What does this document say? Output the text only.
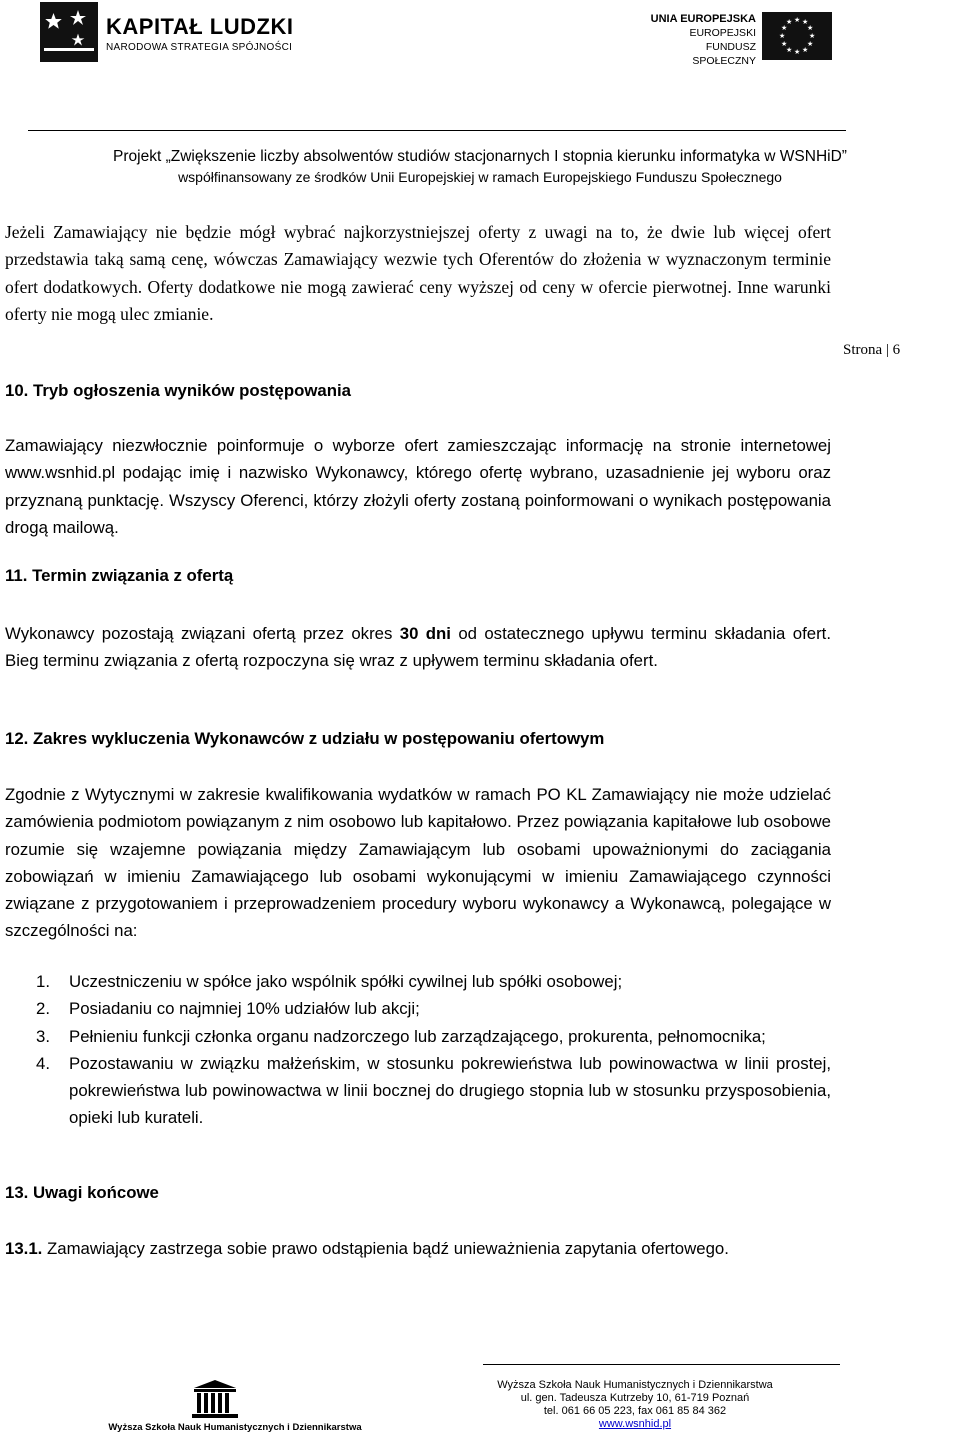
KAPITAŁ LUDZKI
NARODOWA STRATEGIA SPÓJNOŚCI
UNIA EUROPEJSKA
EUROPEJSKI
FUNDUSZ SPOŁECZNY
★ ★
★
★
★
★
★
★
★
★
★
★
Projekt „Zwiększenie liczby absolwentów studiów stacjonarnych I stopnia kierunku informatyka w WSNHiD”
współfinansowany ze środków Unii Europejskiej w ramach Europejskiego Funduszu Społecznego
Jeżeli Zamawiający nie będzie mógł wybrać najkorzystniejszej oferty z uwagi na to, że dwie lub więcej ofert przedstawia taką samą cenę, wówczas Zamawiający wezwie tych Oferentów do złożenia w wyznaczonym terminie ofert dodatkowych. Oferty dodatkowe nie mogą zawierać ceny wyższej od ceny w ofercie pierwotnej. Inne warunki oferty nie mogą ulec zmianie.
Strona | 6
10. Tryb ogłoszenia wyników postępowania
Zamawiający niezwłocznie poinformuje o wyborze ofert zamieszczając informację na stronie internetowej www.wsnhid.pl podając imię i nazwisko Wykonawcy, którego ofertę wybrano, uzasadnienie jej wyboru oraz przyznaną punktację. Wszyscy Oferenci, którzy złożyli oferty zostaną poinformowani o wynikach postępowania drogą mailową.
11. Termin związania z ofertą
Wykonawcy pozostają związani ofertą przez okres 30 dni od ostatecznego upływu terminu składania ofert. Bieg terminu związania z ofertą rozpoczyna się wraz z upływem terminu składania ofert.
12. Zakres wykluczenia Wykonawców z udziału w postępowaniu ofertowym
Zgodnie z Wytycznymi w zakresie kwalifikowania wydatków w ramach PO KL Zamawiający nie może udzielać zamówienia podmiotom powiązanym z nim osobowo lub kapitałowo. Przez powiązania kapitałowe lub osobowe rozumie się wzajemne powiązania między Zamawiającym lub osobami upoważnionymi do zaciągania zobowiązań w imieniu Zamawiającego lub osobami wykonującymi w imieniu Zamawiającego czynności związane z przygotowaniem i przeprowadzeniem procedury wyboru wykonawcy a Wykonawcą, polegające w szczególności na:
1. Uczestniczeniu w spółce jako wspólnik spółki cywilnej lub spółki osobowej;
2. Posiadaniu co najmniej 10% udziałów lub akcji;
3. Pełnieniu funkcji członka organu nadzorczego lub zarządzającego, prokurenta, pełnomocnika;
4. Pozostawaniu w związku małżeńskim, w stosunku pokrewieństwa lub powinowactwa w linii prostej, pokrewieństwa lub powinowactwa w linii bocznej do drugiego stopnia lub w stosunku przysposobienia, opieki lub kurateli.
13. Uwagi końcowe
13.1. Zamawiający zastrzega sobie prawo odstąpienia bądź unieważnienia zapytania ofertowego.
Wyższa Szkoła Nauk Humanistycznych i Dziennikarstwa
Wyższa Szkoła Nauk Humanistycznych i Dziennikarstwa
ul. gen. Tadeusza Kutrzeby 10, 61-719 Poznań
tel. 061 66 05 223, fax 061 85 84 362
www.wsnhid.pl
